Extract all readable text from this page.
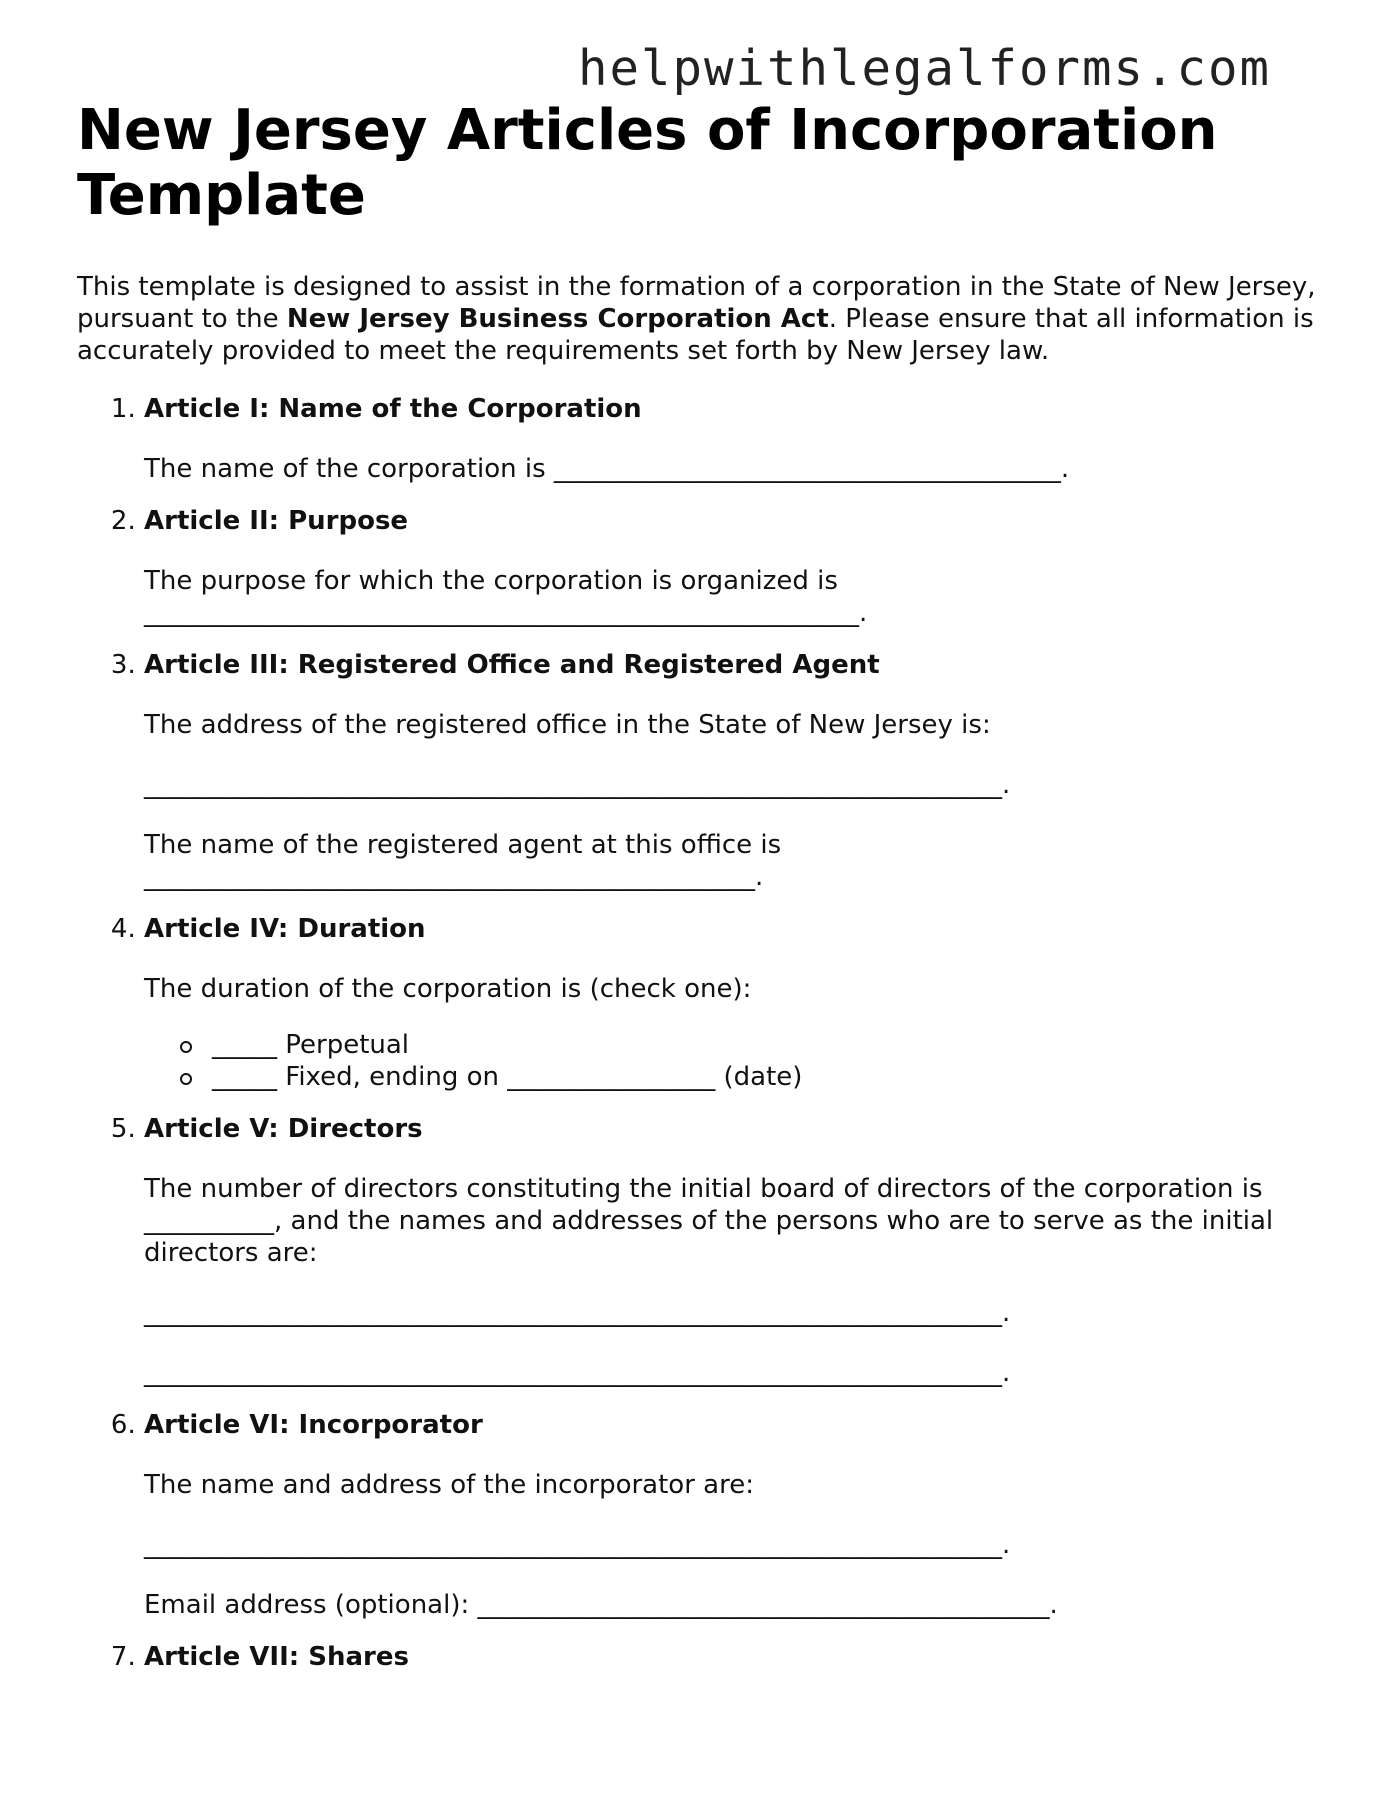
helpwithlegalforms.com
New Jersey Articles of Incorporation Template

This template is designed to assist in the formation of a corporation in the State of New Jersey, pursuant to the New Jersey Business Corporation Act. Please ensure that all information is accurately provided to meet the requirements set forth by New Jersey law.

1. Article I: Name of the Corporation
The name of the corporation is _______________________________________.
2. Article II: Purpose
The purpose for which the corporation is organized is
_______________________________________________________.
3. Article III: Registered Office and Registered Agent
The address of the registered office in the State of New Jersey is:
__________________________________________________________________.
The name of the registered agent at this office is
_______________________________________________.
4. Article IV: Duration
The duration of the corporation is (check one):
_____ Perpetual
_____ Fixed, ending on ________________ (date)
5. Article V: Directors
The number of directors constituting the initial board of directors of the corporation is __________, and the names and addresses of the persons who are to serve as the initial directors are:
__________________________________________________________________.
__________________________________________________________________.
6. Article VI: Incorporator
The name and address of the incorporator are:
__________________________________________________________________.
Email address (optional): ____________________________________________.
7. Article VII: Shares
